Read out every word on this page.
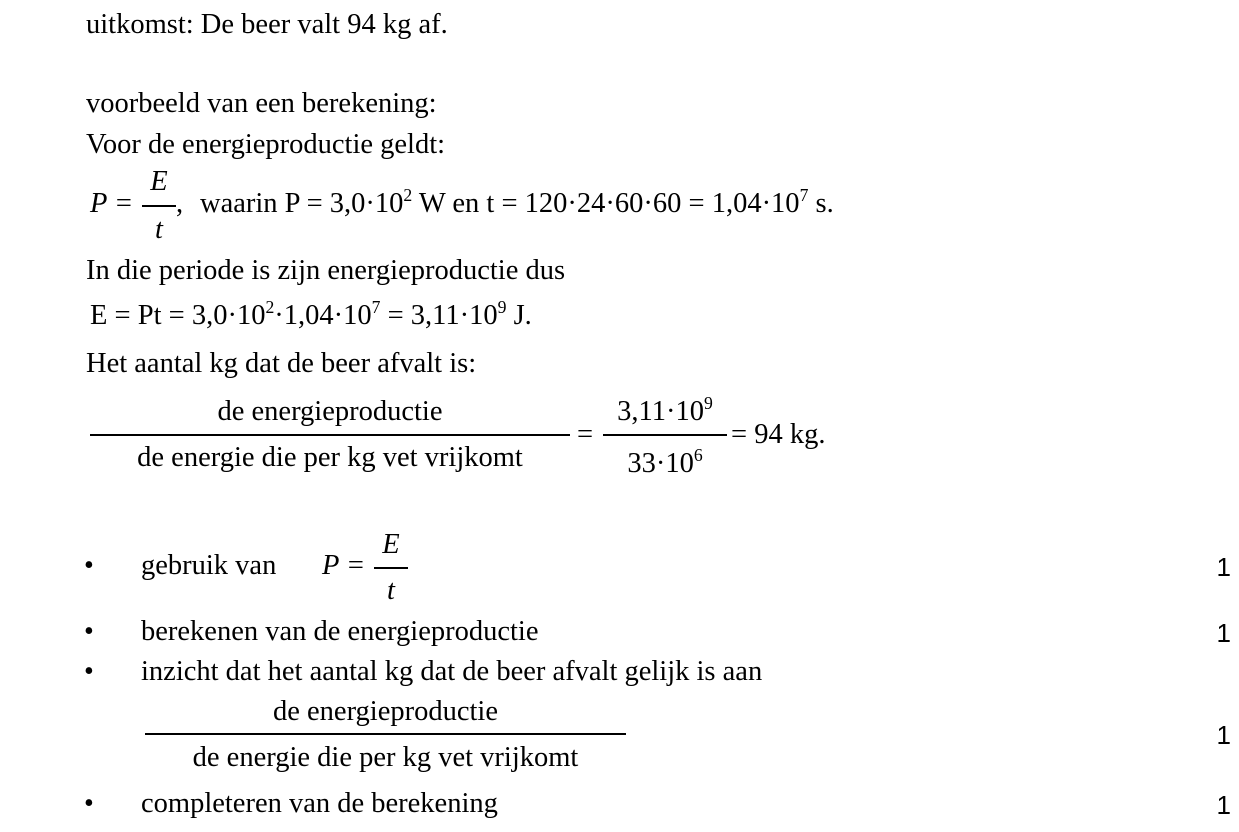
uitkomst: De beer valt 94 kg af.
voorbeeld van een berekening:
Voor de energieproductie geldt:
P =
E
t
, waarin $P = 3,0\cdot 10^2$ W en $t = 120\cdot 24\cdot 60\cdot 60 = 1,04\cdot 10^7$ s.
In die periode is zijn energieproductie dus
$E = Pt = 3,0\cdot 10^2\cdot 1,04\cdot 10^7 = 3,11\cdot 10^9$ J.
Het aantal kg dat de beer afvalt is:
de energieproductie
de energie die per kg vet vrijkomt
=
$3,11\cdot 10^9$
$33\cdot 10^6$
= 94 kg.
• gebruik van P =
E
t
1
• berekenen van de energieproductie	1
• inzicht dat het aantal kg dat de beer afvalt gelijk is aan
de energieproductie
de energie die per kg vet vrijkomt
1
• completeren van de berekening	1
